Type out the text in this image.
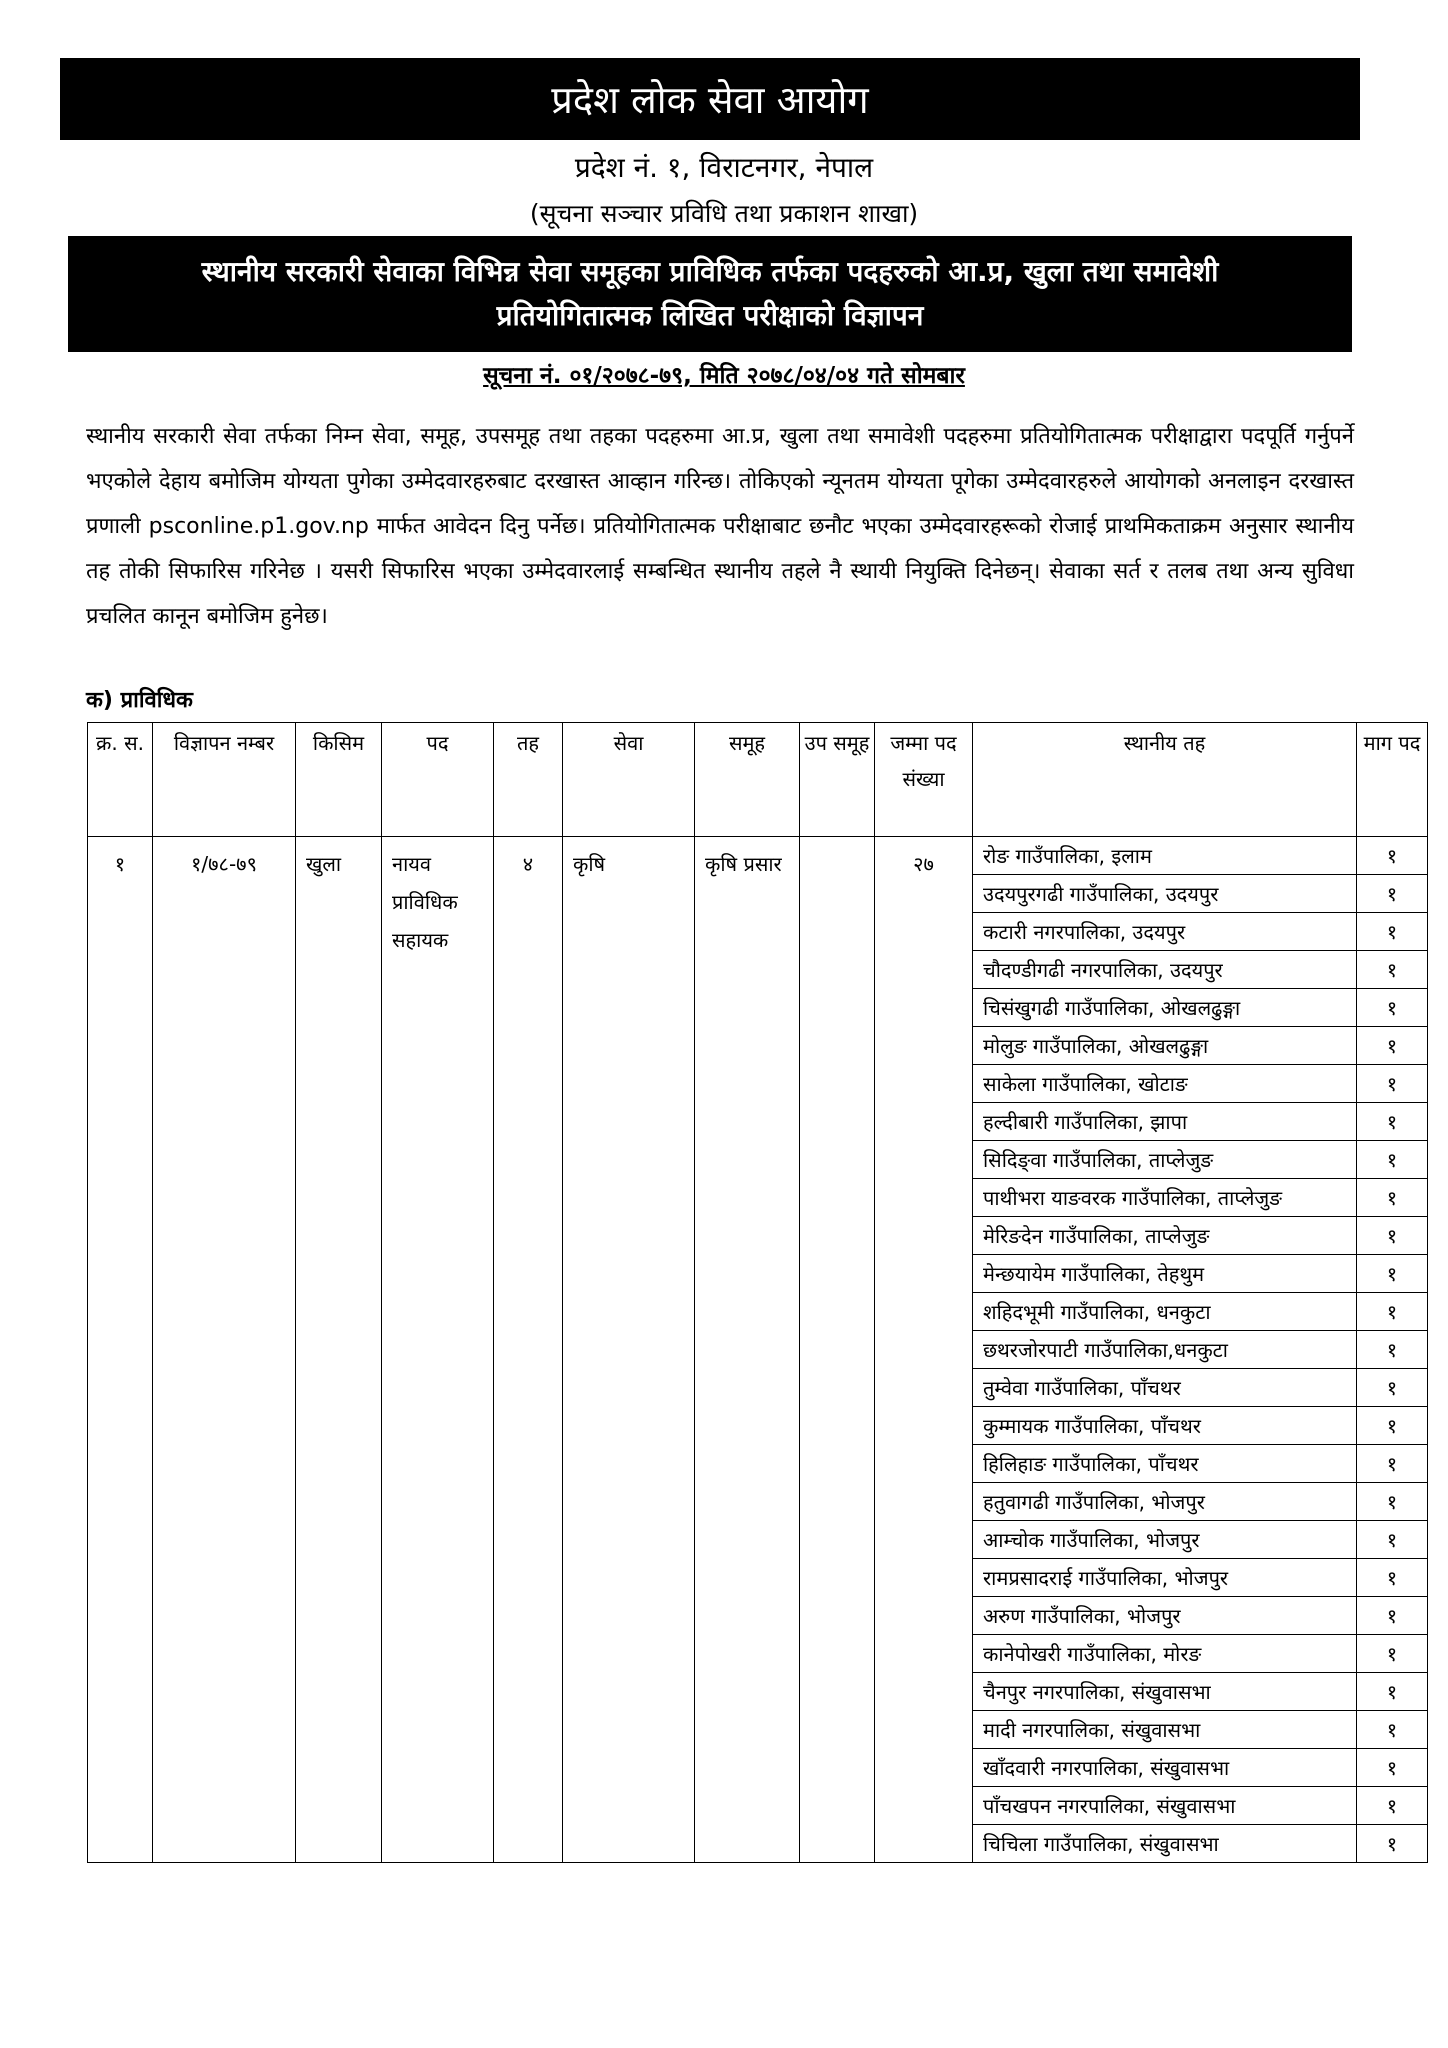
प्रदेश लोक सेवा आयोग
प्रदेश नं. १, विराटनगर, नेपाल
(सूचना सञ्चार प्रविधि तथा प्रकाशन शाखा)
स्थानीय सरकारी सेवाका विभिन्न सेवा समूहका प्राविधिक तर्फका पदहरुको आ.प्र, खुला तथा समावेशी
प्रतियोगितात्मक लिखित परीक्षाको विज्ञापन
सूचना नं. ०१/२०७८-७९, मिति २०७८/०४/०४ गते सोमबार

स्थानीय सरकारी सेवा तर्फका निम्न सेवा, समूह, उपसमूह तथा तहका पदहरुमा आ.प्र, खुला तथा समावेशी पदहरुमा प्रतियोगितात्मक परीक्षाद्वारा पदपूर्ति गर्नुपर्ने भएकोले देहाय बमोजिम योग्यता पुगेका उम्मेदवारहरुबाट दरखास्त आव्हान गरिन्छ। तोकिएको न्यूनतम योग्यता पूगेका उम्मेदवारहरुले आयोगको अनलाइन दरखास्त प्रणाली psconline.p1.gov.np मार्फत आवेदन दिनु पर्नेछ। प्रतियोगितात्मक परीक्षाबाट छनौट भएका उम्मेदवारहरूको रोजाई प्राथमिकताक्रम अनुसार स्थानीय तह तोकी सिफारिस गरिनेछ । यसरी सिफारिस भएका उम्मेदवारलाई सम्बन्धित स्थानीय तहले नै स्थायी नियुक्ति दिनेछन्। सेवाका सर्त र तलब तथा अन्य सुविधा प्रचलित कानून बमोजिम हुनेछ।

क) प्राविधिक
क्र. स.	विज्ञापन नम्बर	किसिम	पद	तह	सेवा	समूह	उप समूह	जम्मा पद संख्या	स्थानीय तह	माग पद
१	१/७८-७९	खुला	नायव प्राविधिक सहायक	४	कृषि	कृषि प्रसार		२७	रोङ गाउँपालिका, इलाम	१
									उदयपुरगढी गाउँपालिका, उदयपुर	१
									कटारी नगरपालिका, उदयपुर	१
									चौदण्डीगढी नगरपालिका, उदयपुर	१
									चिसंखुगढी गाउँपालिका, ओखलढुङ्गा	१
									मोलुङ गाउँपालिका, ओखलढुङ्गा	१
									साकेला गाउँपालिका, खोटाङ	१
									हल्दीबारी गाउँपालिका, झापा	१
									सिदिङ्वा गाउँपालिका, ताप्लेजुङ	१
									पाथीभरा याङवरक गाउँपालिका, ताप्लेजुङ	१
									मेरिङदेन गाउँपालिका, ताप्लेजुङ	१
									मेन्छयायेम गाउँपालिका, तेहथुम	१
									शहिदभूमी गाउँपालिका, धनकुटा	१
									छथरजोरपाटी गाउँपालिका,धनकुटा	१
									तुम्वेवा गाउँपालिका, पाँचथर	१
									कुम्मायक गाउँपालिका, पाँचथर	१
									हिलिहाङ गाउँपालिका, पाँचथर	१
									हतुवागढी गाउँपालिका, भोजपुर	१
									आम्चोक गाउँपालिका, भोजपुर	१
									रामप्रसादराई गाउँपालिका, भोजपुर	१
									अरुण गाउँपालिका, भोजपुर	१
									कानेपोखरी गाउँपालिका, मोरङ	१
									चैनपुर नगरपालिका, संखुवासभा	१
									मादी नगरपालिका, संखुवासभा	१
									खाँदवारी नगरपालिका, संखुवासभा	१
									पाँचखपन नगरपालिका, संखुवासभा	१
									चिचिला गाउँपालिका, संखुवासभा	१
